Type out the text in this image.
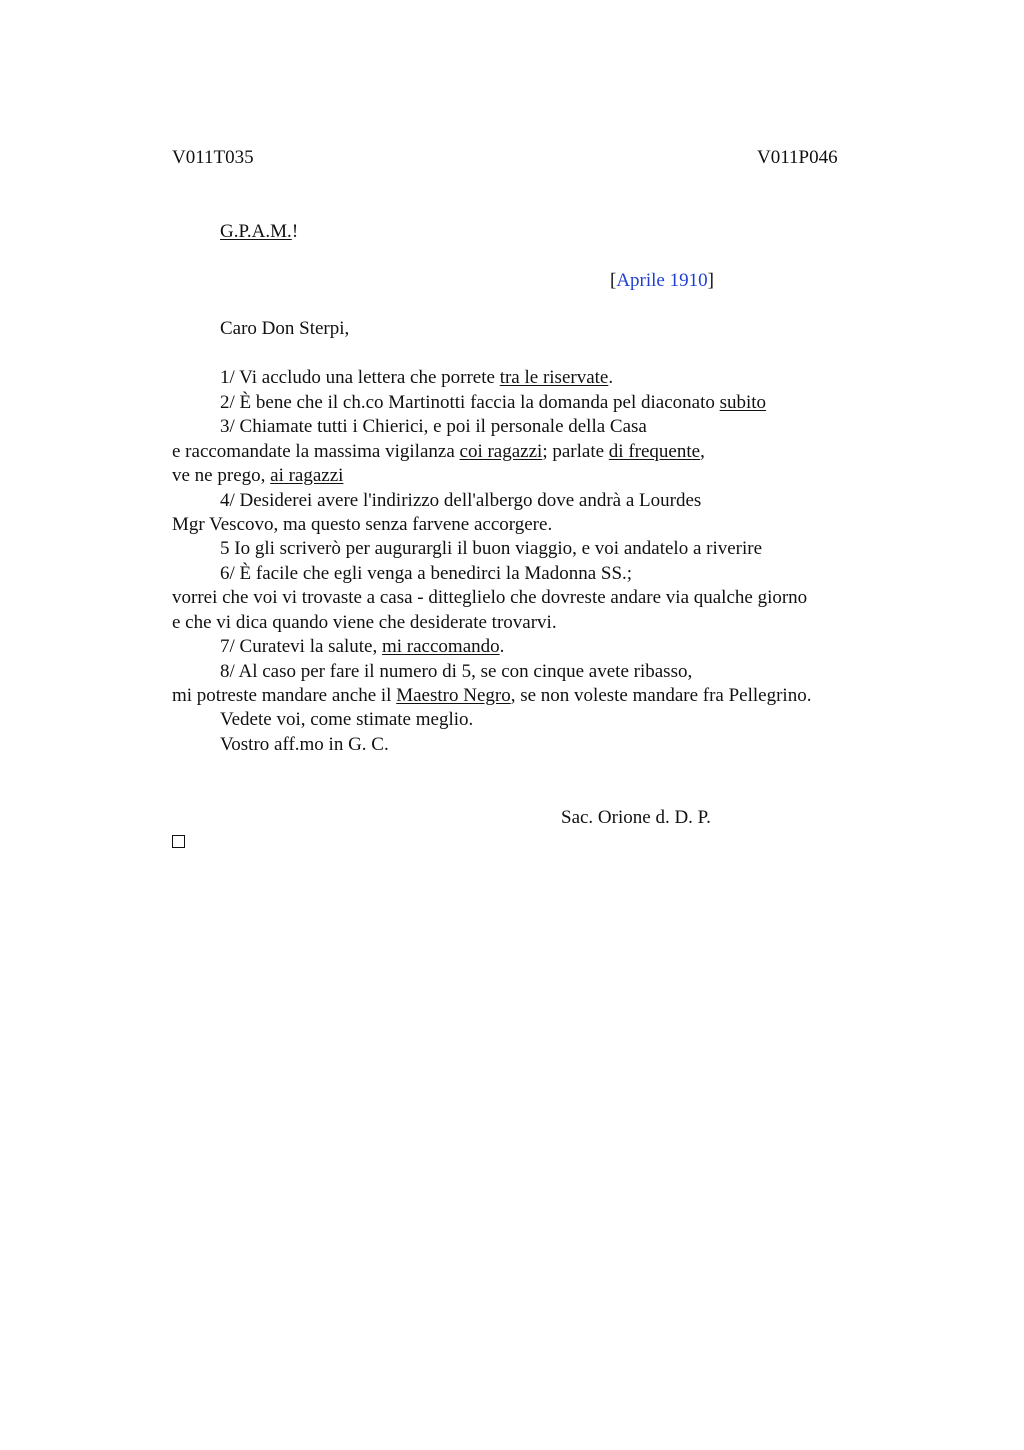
V011T035	V011P046
G.P.A.M.!
[Aprile 1910]
Caro Don Sterpi,
1/ Vi accludo una lettera che porrete tra le riservate.
2/ È bene che il ch.co Martinotti faccia la domanda pel diaconato subito
3/ Chiamate tutti i Chierici, e poi il personale della Casa
e raccomandate la massima vigilanza coi ragazzi; parlate di frequente,
ve ne prego, ai ragazzi
4/ Desiderei avere l'indirizzo dell'albergo dove andrà a Lourdes
Mgr Vescovo, ma questo senza farvene accorgere.
5 Io gli scriverò per augurargli il buon viaggio, e voi andatelo a riverire
6/ È facile che egli venga a benedirci la Madonna SS.;
vorrei che voi vi trovaste a casa - ditteglielo che dovreste andare via qualche giorno
e che vi dica quando viene che desiderate trovarvi.
7/ Curatevi la salute, mi raccomando.
8/ Al caso per fare il numero di 5, se con cinque avete ribasso,
mi potreste mandare anche il Maestro Negro, se non voleste mandare fra Pellegrino.
Vedete voi, come stimate meglio.
Vostro aff.mo in G. C.
Sac. Orione d. D. P.
